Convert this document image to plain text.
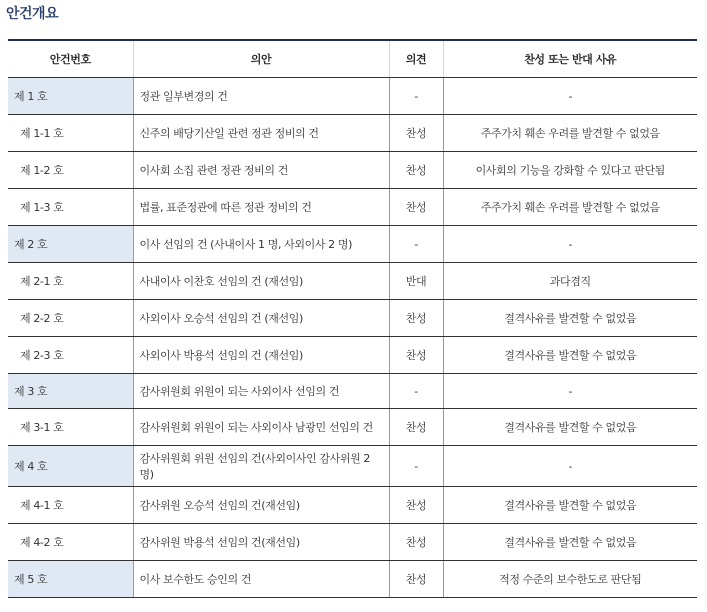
안건개요
안건번호	의안	의견	찬성 또는 반대 사유
제 1 호	정관 일부변경의 건	-	-
제 1-1 호	신주의 배당기산일 관련 정관 정비의 건	찬성	주주가치 훼손 우려를 발견할 수 없었음
제 1-2 호	이사회 소집 관련 정관 정비의 건	찬성	이사회의 기능을 강화할 수 있다고 판단됨
제 1-3 호	법률, 표준정관에 따른 정관 정비의 건	찬성	주주가치 훼손 우려를 발견할 수 없었음
제 2 호	이사 선임의 건 (사내이사 1 명, 사외이사 2 명)	-	-
제 2-1 호	사내이사 이찬호 선임의 건 (재선임)	반대	과다겸직
제 2-2 호	사외이사 오승석 선임의 건 (재선임)	찬성	결격사유를 발견할 수 없었음
제 2-3 호	사외이사 박용석 선임의 건 (재선임)	찬성	결격사유를 발견할 수 없었음
제 3 호	감사위원회 위원이 되는 사외이사 선임의 건	-	-
제 3-1 호	감사위원회 위원이 되는 사외이사 남광민 선임의 건	찬성	결격사유를 발견할 수 없었음
제 4 호	감사위원회 위원 선임의 건(사외이사인 감사위원 2 명)	-	-
제 4-1 호	감사위원 오승석 선임의 건(재선임)	찬성	결격사유를 발견할 수 없었음
제 4-2 호	감사위원 박용석 선임의 건(재선임)	찬성	결격사유를 발견할 수 없었음
제 5 호	이사 보수한도 승인의 건	찬성	적정 수준의 보수한도로 판단됨
